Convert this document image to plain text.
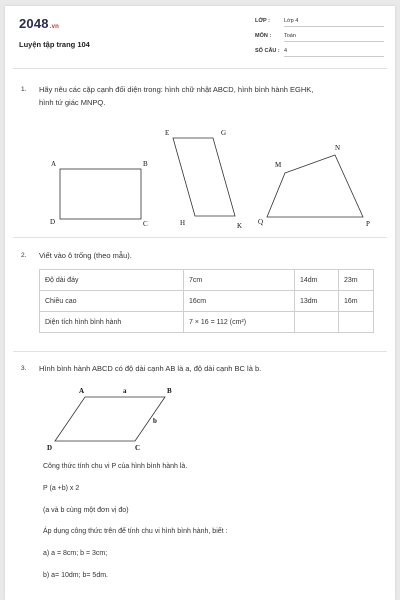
2048.vn
Luyện tập trang 104
LỚP :	Lớp 4
MÔN : Toán
SỐ CÂU : 4
1. Hãy nêu các cặp cạnh đối diện trong: hình chữ nhật ABCD, hình bình hành EGHK,
hình tứ giác MNPQ.
A	B
C
D
E	G
H	K
M
N
P
Q
2. Viết vào ô trống (theo mẫu).
Độ dài đáy	7cm	14dm	23m
Chiều cao	16cm	13dm	16m
Diện tích hình bình hành	7 × 16 = 112 (cm²)		
3. Hình bình hành ABCD có độ dài cạnh AB là a, độ dài cạnh BC là b.
A	a	B
b
D	C
Công thức tính chu vi P của hình bình hành là.
P (a +b) x 2
(a và b cùng một đơn vị đo)
Áp dụng công thức trên để tính chu vi hình bình hành, biết :
a) a = 8cm; b = 3cm;
b) a= 10dm; b= 5dm.
